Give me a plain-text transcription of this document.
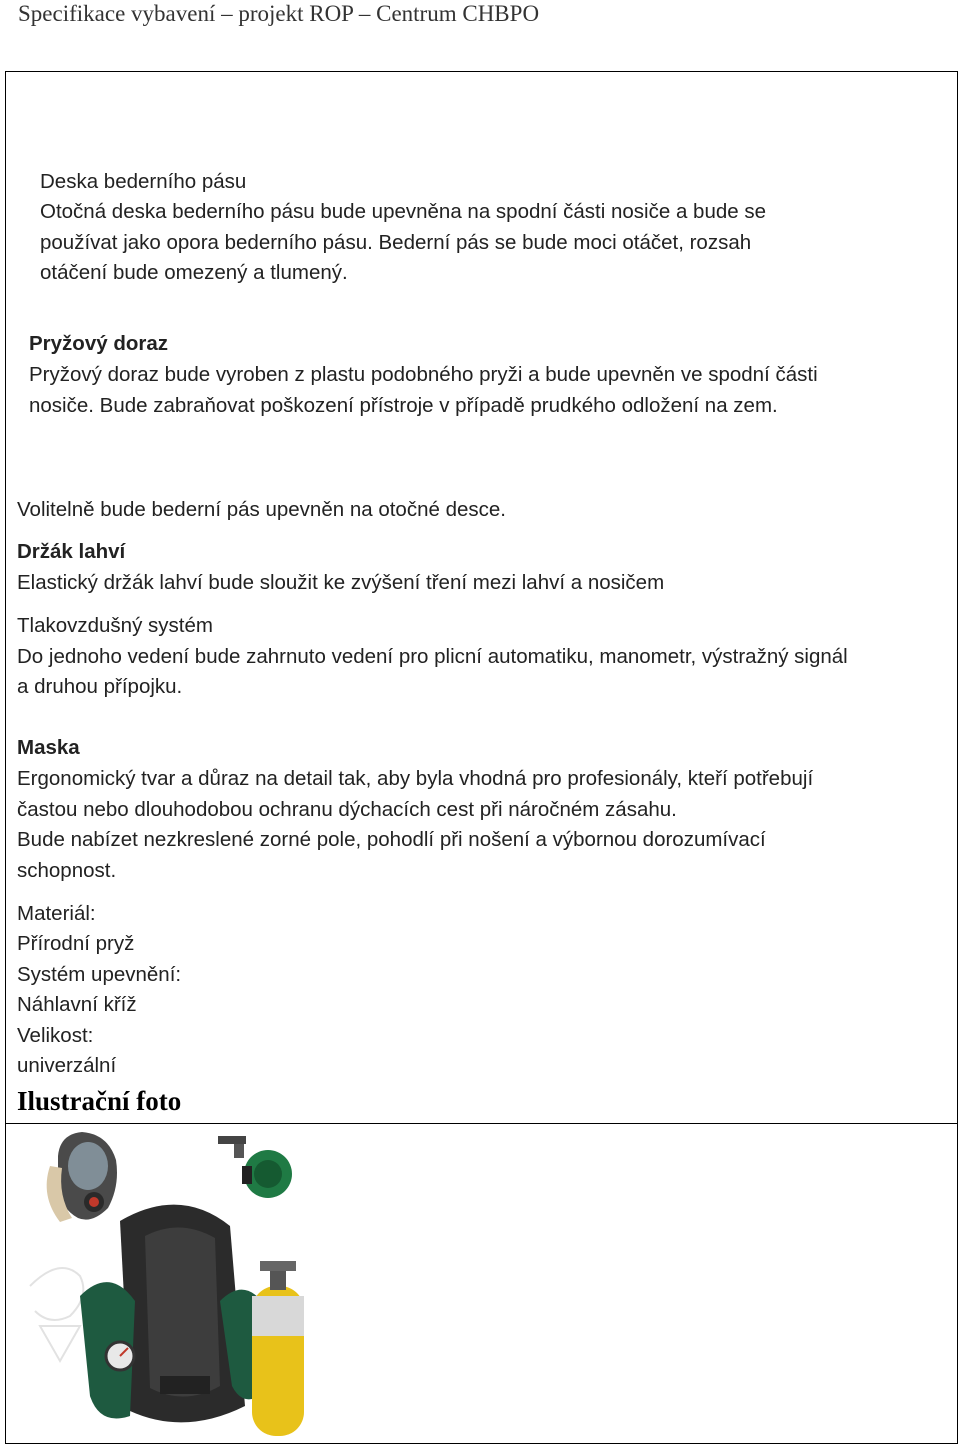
Specifikace vybavení – projekt ROP – Centrum CHBPO
Deska bederního pásu
Otočná deska bederního pásu bude upevněna na spodní části nosiče a bude se
používat jako opora bederního pásu. Bederní pás se bude moci otáčet, rozsah
otáčení bude omezený a tlumený.
Pryžový doraz
Pryžový doraz bude vyroben z plastu podobného pryži a bude upevněn ve spodní části
nosiče. Bude zabraňovat poškození přístroje v případě prudkého odložení na zem.
Volitelně bude bederní pás upevněn na otočné desce.
Držák lahví
Elastický držák lahví bude sloužit ke zvýšení tření mezi lahví a nosičem
Tlakovzdušný systém
Do jednoho vedení bude zahrnuto vedení pro plicní automatiku, manometr, výstražný signál
a druhou přípojku.
Maska
Ergonomický tvar a důraz na detail tak, aby byla vhodná pro profesionály, kteří potřebují
častou nebo dlouhodobou ochranu dýchacích cest při náročném zásahu.
Bude nabízet nezkreslené zorné pole, pohodlí při nošení a výbornou dorozumívací
schopnost.
Materiál:
Přírodní pryž
Systém upevnění:
Náhlavní kříž
Velikost:
univerzální
Ilustrační foto
